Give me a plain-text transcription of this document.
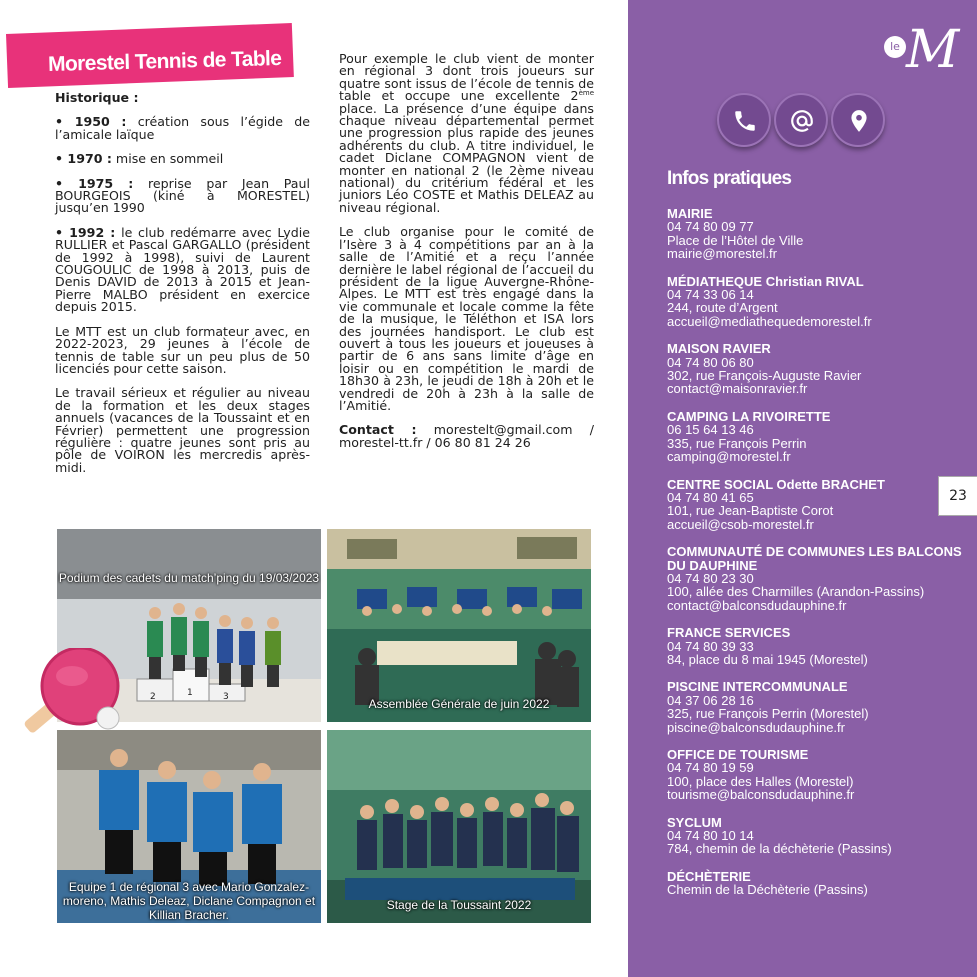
Morestel Tennis de Table

Historique :

• 1950 : création sous l’égide de l’amicale laïque

• 1970 : mise en sommeil

• 1975 : reprise par Jean Paul BOURGEOIS (kiné à MORESTEL) jusqu’en 1990

• 1992 : le club redémarre avec Lydie RULLIER et Pascal GARGALLO (président de 1992 à 1998), suivi de Laurent COUGOULIC de 1998 à 2013, puis de Denis DAVID de 2013 à 2015 et Jean-Pierre MALBO président en exercice depuis 2015.

Le MTT est un club formateur avec, en 2022-2023, 29 jeunes à l’école de tennis de table sur un peu plus de 50 licenciés pour cette saison.

Le travail sérieux et régulier au niveau de la formation et les deux stages annuels (vacances de la Toussaint et en Février) permettent une progression régulière : quatre jeunes sont pris au pôle de VOIRON les mercredis après-midi.

Pour exemple le club vient de monter en régional 3 dont trois joueurs sur quatre sont issus de l’école de tennis de table et occupe une excellente 2ème place. La présence d’une équipe dans chaque niveau départemental permet une progression plus rapide des jeunes adhérents du club. A titre individuel, le cadet Diclane COMPAGNON vient de monter en national 2 (le 2ème niveau national) du critérium fédéral et les juniors Léo COSTE et Mathis DELEAZ au niveau régional.

Le club organise pour le comité de l’Isère 3 à 4 compétitions par an à la salle de l’Amitié et a reçu l’année dernière le label régional de l’accueil du président de la ligue Auvergne-Rhône-Alpes. Le MTT est très engagé dans la vie communale et locale comme la fête de la musique, le Téléthon et ISA lors des journées handisport. Le club est ouvert à tous les joueurs et joueuses à partir de 6 ans sans limite d’âge en loisir ou en compétition le mardi de 18h30 à 23h, le jeudi de 18h à 20h et le vendredi de 20h à 23h à la salle de l’Amitié.

Contact : morestelt@gmail.com / morestel-tt.fr / 06 80 81 24 26

2	1	3
Podium des cadets du match’ping du 19/03/2023
Assemblée Générale de juin 2022
Equipe 1 de régional 3 avec Mario Gonzalez-moreno, Mathis Deleaz, Diclane Compagnon et Killian Bracher.
Stage de la Toussaint 2022
le M
Infos pratiques
MAIRIE
04 74 80 09 77
Place de l’Hôtel de Ville
mairie@morestel.fr
MÉDIATHEQUE Christian RIVAL
04 74 33 06 14
244, route d’Argent
accueil@mediathequedemorestel.fr
MAISON RAVIER
04 74 80 06 80
302, rue François-Auguste Ravier
contact@maisonravier.fr
CAMPING LA RIVOIRETTE
06 15 64 13 46
335, rue François Perrin
camping@morestel.fr
CENTRE SOCIAL Odette BRACHET
04 74 80 41 65
101, rue Jean-Baptiste Corot
accueil@csob-morestel.fr
COMMUNAUTÉ DE COMMUNES LES BALCONS DU DAUPHINE
04 74 80 23 30
100, allée des Charmilles (Arandon-Passins)
contact@balconsdudauphine.fr
FRANCE SERVICES
04 74 80 39 33
84, place du 8 mai 1945 (Morestel)
PISCINE INTERCOMMUNALE
04 37 06 28 16
325, rue François Perrin (Morestel)
piscine@balconsdudauphine.fr
OFFICE DE TOURISME
04 74 80 19 59
100, place des Halles (Morestel)
tourisme@balconsdudauphine.fr
SYCLUM
04 74 80 10 14
784, chemin de la déchèterie (Passins)
DÉCHÈTERIE
Chemin de la Déchèterie (Passins)
23
